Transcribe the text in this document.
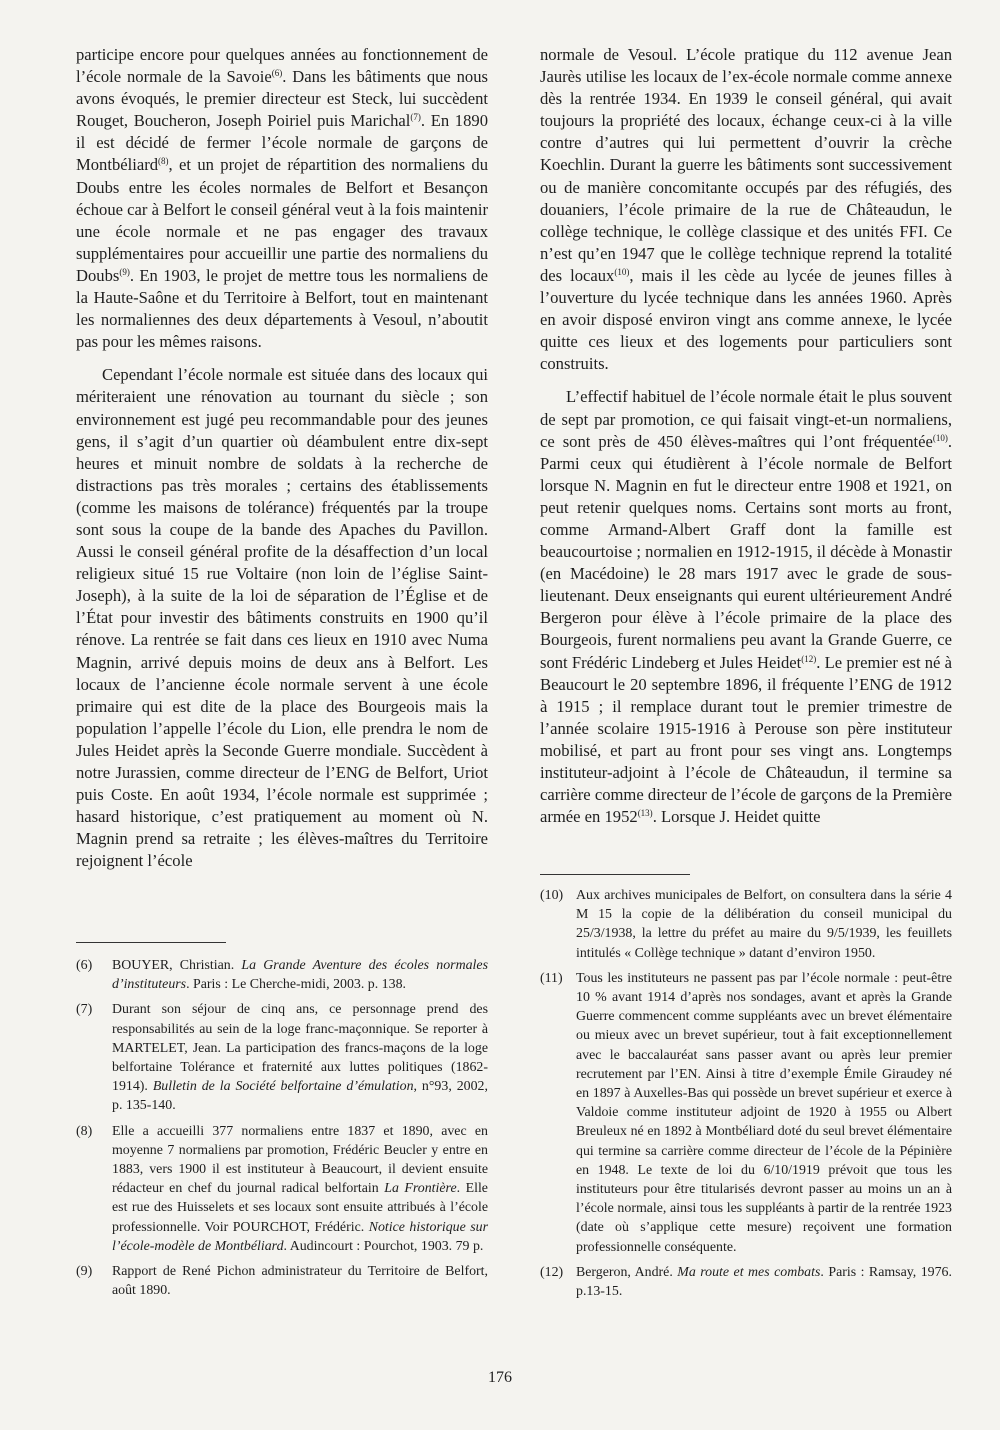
participe encore pour quelques années au fonctionnement de l’école normale de la Savoie$^{(6)}$. Dans les bâtiments que nous avons évoqués, le premier directeur est Steck, lui succèdent Rouget, Boucheron, Joseph Poiriel puis Marichal$^{(7)}$. En 1890 il est décidé de fermer l’école normale de garçons de Montbéliard$^{(8)}$, et un projet de répartition des normaliens du Doubs entre les écoles normales de Belfort et Besançon échoue car à Belfort le conseil général veut à la fois maintenir une école normale et ne pas engager des travaux supplémentaires pour accueillir une partie des normaliens du Doubs$^{(9)}$. En 1903, le projet de mettre tous les normaliens de la Haute-Saône et du Territoire à Belfort, tout en maintenant les normaliennes des deux départements à Vesoul, n’aboutit pas pour les mêmes raisons.

Cependant l’école normale est située dans des locaux qui mériteraient une rénovation au tournant du siècle ; son environnement est jugé peu recommandable pour des jeunes gens, il s’agit d’un quartier où déambulent entre dix-sept heures et minuit nombre de soldats à la recherche de distractions pas très morales ; certains des établissements (comme les maisons de tolérance) fréquentés par la troupe sont sous la coupe de la bande des Apaches du Pavillon. Aussi le conseil général profite de la désaffection d’un local religieux situé 15 rue Voltaire (non loin de l’église Saint-Joseph), à la suite de la loi de séparation de l’Église et de l’État pour investir des bâtiments construits en 1900 qu’il rénove. La rentrée se fait dans ces lieux en 1910 avec Numa Magnin, arrivé depuis moins de deux ans à Belfort. Les locaux de l’ancienne école normale servent à une école primaire qui est dite de la place des Bourgeois mais la population l’appelle l’école du Lion, elle prendra le nom de Jules Heidet après la Seconde Guerre mondiale. Succèdent à notre Jurassien, comme directeur de l’ENG de Belfort, Uriot puis Coste. En août 1934, l’école normale est supprimée ; hasard historique, c’est pratiquement au moment où N. Magnin prend sa retraite ; les élèves-maîtres du Territoire rejoignent l’école

normale de Vesoul. L’école pratique du 112 avenue Jean Jaurès utilise les locaux de l’ex-école normale comme annexe dès la rentrée 1934. En 1939 le conseil général, qui avait toujours la propriété des locaux, échange ceux-ci à la ville contre d’autres qui lui permettent d’ouvrir la crèche Koechlin. Durant la guerre les bâtiments sont successivement ou de manière concomitante occupés par des réfugiés, des douaniers, l’école primaire de la rue de Châteaudun, le collège technique, le collège classique et des unités FFI. Ce n’est qu’en 1947 que le collège technique reprend la totalité des locaux$^{(10)}$, mais il les cède au lycée de jeunes filles à l’ouverture du lycée technique dans les années 1960. Après en avoir disposé environ vingt ans comme annexe, le lycée quitte ces lieux et des logements pour particuliers sont construits.

L’effectif habituel de l’école normale était le plus souvent de sept par promotion, ce qui faisait vingt-et-un normaliens, ce sont près de 450 élèves-maîtres qui l’ont fréquentée$^{(10)}$. Parmi ceux qui étudièrent à l’école normale de Belfort lorsque N. Magnin en fut le directeur entre 1908 et 1921, on peut retenir quelques noms. Certains sont morts au front, comme Armand-Albert Graff dont la famille est beaucourtoise ; normalien en 1912-1915, il décède à Monastir (en Macédoine) le 28 mars 1917 avec le grade de sous-lieutenant. Deux enseignants qui eurent ultérieurement André Bergeron pour élève à l’école primaire de la place des Bourgeois, furent normaliens peu avant la Grande Guerre, ce sont Frédéric Lindeberg et Jules Heidet$^{(12)}$. Le premier est né à Beaucourt le 20 septembre 1896, il fréquente l’ENG de 1912 à 1915 ; il remplace durant tout le premier trimestre de l’année scolaire 1915-1916 à Perouse son père instituteur mobilisé, et part au front pour ses vingt ans. Longtemps instituteur-adjoint à l’école de Châteaudun, il termine sa carrière comme directeur de l’école de garçons de la Première armée en 1952$^{(13)}$. Lorsque J. Heidet quitte

(6)	BOUYER, Christian. La Grande Aventure des écoles normales d’instituteurs. Paris : Le Cherche-midi, 2003. p. 138.
(7)	Durant son séjour de cinq ans, ce personnage prend des responsabilités au sein de la loge franc-maçonnique. Se reporter à MARTELET, Jean. La participation des francs-maçons de la loge belfortaine Tolérance et fraternité aux luttes politiques (1862-1914). Bulletin de la Société belfortaine d’émulation, n°93, 2002, p. 135-140.
(8)	Elle a accueilli 377 normaliens entre 1837 et 1890, avec en moyenne 7 normaliens par promotion, Frédéric Beucler y entre en 1883, vers 1900 il est instituteur à Beaucourt, il devient ensuite rédacteur en chef du journal radical belfortain La Frontière. Elle est rue des Huisselets et ses locaux sont ensuite attribués à l’école professionnelle. Voir POURCHOT, Frédéric. Notice historique sur l’école-modèle de Montbéliard. Audincourt : Pourchot, 1903. 79 p.
(9)	Rapport de René Pichon administrateur du Territoire de Belfort, août 1890.
(10) Aux archives municipales de Belfort, on consultera dans la série 4 M 15 la copie de la délibération du conseil municipal du 25/3/1938, la lettre du préfet au maire du 9/5/1939, les feuillets intitulés « Collège technique » datant d’environ 1950.
(11) Tous les instituteurs ne passent pas par l’école normale : peut-être 10 % avant 1914 d’après nos sondages, avant et après la Grande Guerre commencent comme suppléants avec un brevet élémentaire ou mieux avec un brevet supérieur, tout à fait exceptionnellement avec le baccalauréat sans passer avant ou après leur premier recrutement par l’EN. Ainsi à titre d’exemple Émile Giraudey né en 1897 à Auxelles-Bas qui possède un brevet supérieur et exerce à Valdoie comme instituteur adjoint de 1920 à 1955 ou Albert Breuleux né en 1892 à Montbéliard doté du seul brevet élémentaire qui termine sa carrière comme directeur de l’école de la Pépinière en 1948. Le texte de loi du 6/10/1919 prévoit que tous les instituteurs pour être titularisés devront passer au moins un an à l’école normale, ainsi tous les suppléants à partir de la rentrée 1923 (date où s’applique cette mesure) reçoivent une formation professionnelle conséquente.
(12) Bergeron, André. Ma route et mes combats. Paris : Ramsay, 1976. p.13-15.
176
